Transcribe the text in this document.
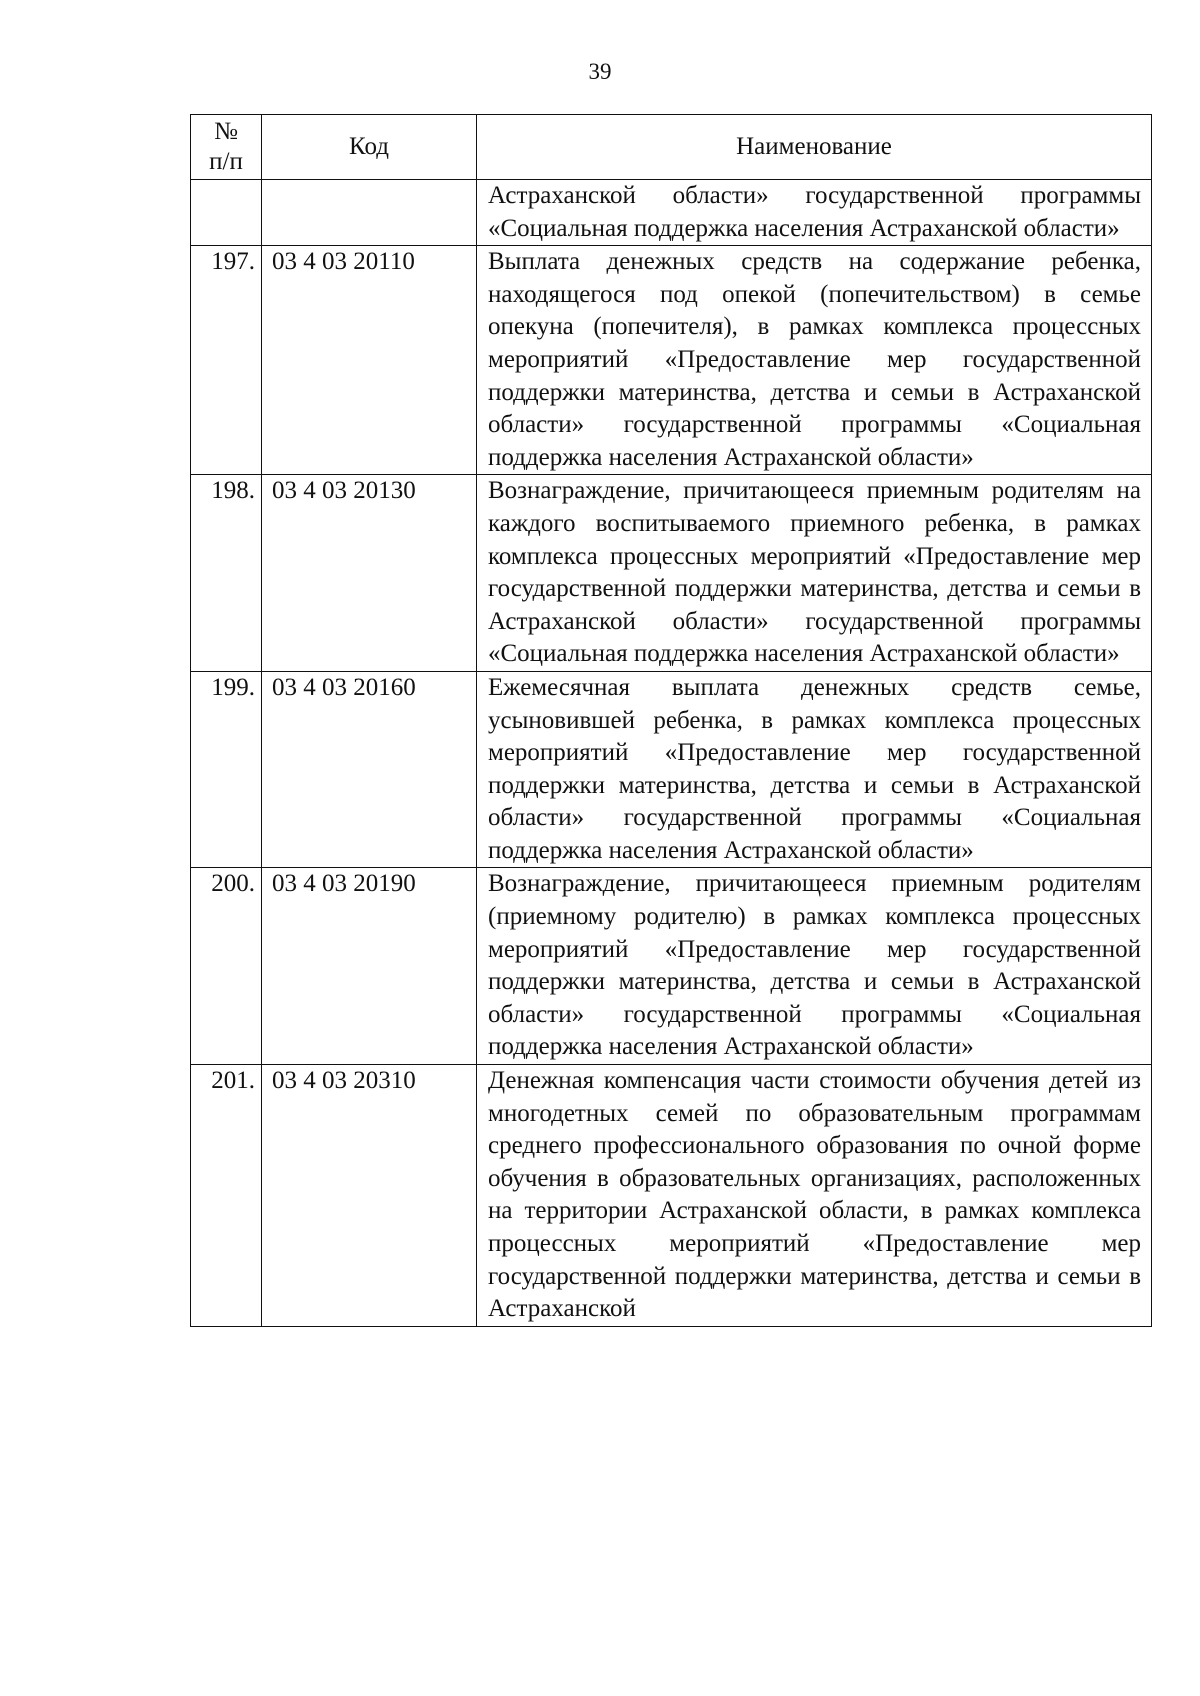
39
№
п/п	Код	Наименование
		Астраханской области» государственной программы «Социальная поддержка населения Астраханской области»
197.	03 4 03 20110	Выплата денежных средств на содержание ребенка, находящегося под опекой (попечительством) в семье опекуна (попечителя), в рамках комплекса процессных мероприятий «Предоставление мер государственной поддержки материнства, детства и семьи в Астраханской области» государственной программы «Социальная поддержка населения Астраханской области»
198.	03 4 03 20130	Вознаграждение, причитающееся приемным родителям на каждого воспитываемого приемного ребенка, в рамках комплекса процессных мероприятий «Предоставление мер государственной поддержки материнства, детства и семьи в Астраханской области» государственной программы «Социальная поддержка населения Астраханской области»
199.	03 4 03 20160	Ежемесячная выплата денежных средств семье, усыновившей ребенка, в рамках комплекса процессных мероприятий «Предоставление мер государственной поддержки материнства, детства и семьи в Астраханской области» государственной программы «Социальная поддержка населения Астраханской области»
200.	03 4 03 20190	Вознаграждение, причитающееся приемным родителям (приемному родителю) в рамках комплекса процессных мероприятий «Предоставление мер государственной поддержки материнства, детства и семьи в Астраханской области» государственной программы «Социальная поддержка населения Астраханской области»
201.	03 4 03 20310	Денежная компенсация части стоимости обучения детей из многодетных семей по образовательным программам среднего профессионального образования по очной форме обучения в образовательных организациях, расположенных на территории Астраханской области, в рамках комплекса процессных мероприятий «Предоставление мер государственной поддержки материнства, детства и семьи в Астраханской
